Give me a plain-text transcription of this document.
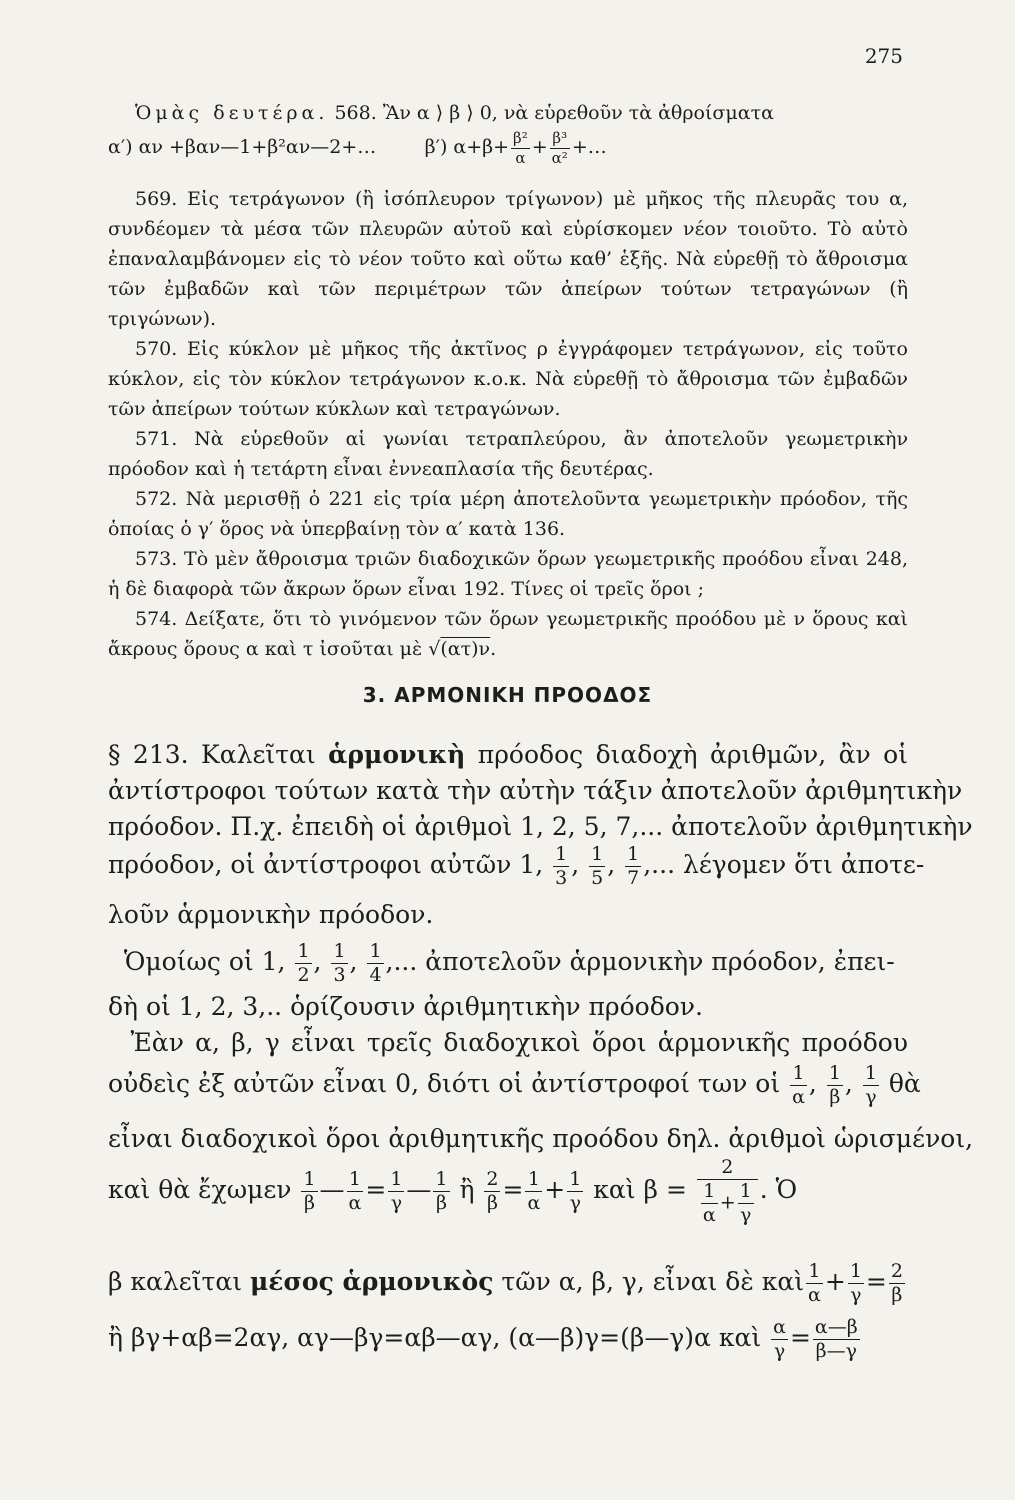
275

Ὁμὰς δευτέρα. 568. Ἂν α ⟩ β ⟩ 0, νὰ εὑρεθοῦν τὰ ἀθροίσματα

α′) αν +βαν—1+β²αν—2+…	β′) $\alpha+\beta+ \frac{\text{β²}}{\alpha} + \frac{\text{β³}}{\text{α²}}$ +…

569. Εἰς τετράγωνον (ἢ ἰσόπλευρον τρίγωνον) μὲ μῆκος τῆς πλευρᾶς του α, συνδέομεν τὰ μέσα τῶν πλευρῶν αὐτοῦ καὶ εὑρίσκομεν νέον τοιοῦτο. Τὸ αὐτὸ ἐπαναλαμβάνομεν εἰς τὸ νέον τοῦτο καὶ οὕτω καθ’ ἑξῆς. Νὰ εὑρεθῇ τὸ ἄθροισμα τῶν ἐμβαδῶν καὶ τῶν περιμέτρων τῶν ἀπείρων τούτων τετραγώνων (ἢ τριγώνων).

570. Εἰς κύκλον μὲ μῆκος τῆς ἀκτῖνος ρ ἐγγράφομεν τετράγωνον, εἰς τοῦτο κύκλον, εἰς τὸν κύκλον τετράγωνον κ.ο.κ. Νὰ εὑρεθῇ τὸ ἄθροισμα τῶν ἐμβαδῶν τῶν ἀπείρων τούτων κύκλων καὶ τετραγώνων.

571. Νὰ εὑρεθοῦν αἱ γωνίαι τετραπλεύρου, ἂν ἀποτελοῦν γεωμετρικὴν πρόοδον καὶ ἡ τετάρτη εἶναι ἐννεαπλασία τῆς δευτέρας.

572. Νὰ μερισθῇ ὁ 221 εἰς τρία μέρη ἀποτελοῦντα γεωμετρικὴν πρόοδον, τῆς ὁποίας ὁ γ′ ὅρος νὰ ὑπερβαίνῃ τὸν α′ κατὰ 136.

573. Τὸ μὲν ἄθροισμα τριῶν διαδοχικῶν ὅρων γεωμετρικῆς προόδου εἶναι 248, ἡ δὲ διαφορὰ τῶν ἄκρων ὅρων εἶναι 192. Τίνες οἱ τρεῖς ὅροι ;

574. Δείξατε, ὅτι τὸ γινόμενον τῶν ὅρων γεωμετρικῆς προόδου μὲ ν ὅρους καὶ ἄκρους ὅρους α καὶ τ ἰσοῦται μὲ √(ατ)ν.

3. ΑΡΜΟΝΙΚΗ ΠΡΟΟΔΟΣ
§ 213. Καλεῖται ἁρμονικὴ πρόοδος διαδοχὴ ἀριθμῶν, ἂν οἱ
ἀντίστροφοι τούτων κατὰ τὴν αὐτὴν τάξιν ἀποτελοῦν ἀριθμητικὴν
πρόοδον. Π.χ. ἐπειδὴ οἱ ἀριθμοὶ 1, 2, 5, 7,... ἀποτελοῦν ἀριθμητικὴν
πρόοδον, οἱ ἀντίστροφοι αὐτῶν 1, $\frac{1}{3}$ , $\frac{1}{5}$ , $\frac{1}{7}$ ,... λέγομεν ὅτι ἀποτε-
λοῦν ἁρμονικὴν πρόοδον.
Ὁμοίως οἱ 1, $\frac{1}{2}$ , $\frac{1}{3}$ , $\frac{1}{4}$ ,... ἀποτελοῦν ἁρμονικὴν πρόοδον, ἐπει-
δὴ οἱ 1, 2, 3,.. ὁρίζουσιν ἀριθμητικὴν πρόοδον.
Ἐὰν α, β, γ εἶναι τρεῖς διαδοχικοὶ ὅροι ἁρμονικῆς προόδου
οὐδεὶς ἐξ αὐτῶν εἶναι 0, διότι οἱ ἀντίστροφοί των οἱ $\frac{1}{\alpha}$ , $\frac{1}{\beta}$ , $\frac{1}{\gamma}$ θὰ
εἶναι διαδοχικοὶ ὅροι ἀριθμητικῆς προόδου δηλ. ἀριθμοὶ ὡρισμένοι,
καὶ θὰ ἔχωμεν $\frac{1}{\beta}$ — $\frac{1}{\alpha} = \frac{1}{\gamma}$ — $\frac{1}{\beta}$ ἢ $\frac{2}{\beta} = \frac{1}{\alpha} + \frac{1}{\gamma}$ καὶ $\beta = \frac{2}{\frac{1}{\alpha} + \frac{1}{\gamma}}$ . Ὁ
β καλεῖται μέσος ἁρμονικὸς τῶν α, β, γ, εἶναι δὲ καὶ $\frac{1}{\alpha} + \frac{1}{\gamma} = \frac{2}{\beta}$
ἢ βγ+αβ=2αγ, αγ—βγ=αβ—αγ, (α—β)γ=(β—γ)α καὶ $\frac{\alpha}{\gamma} = \frac{\alpha—\beta}{\beta—\gamma}$
